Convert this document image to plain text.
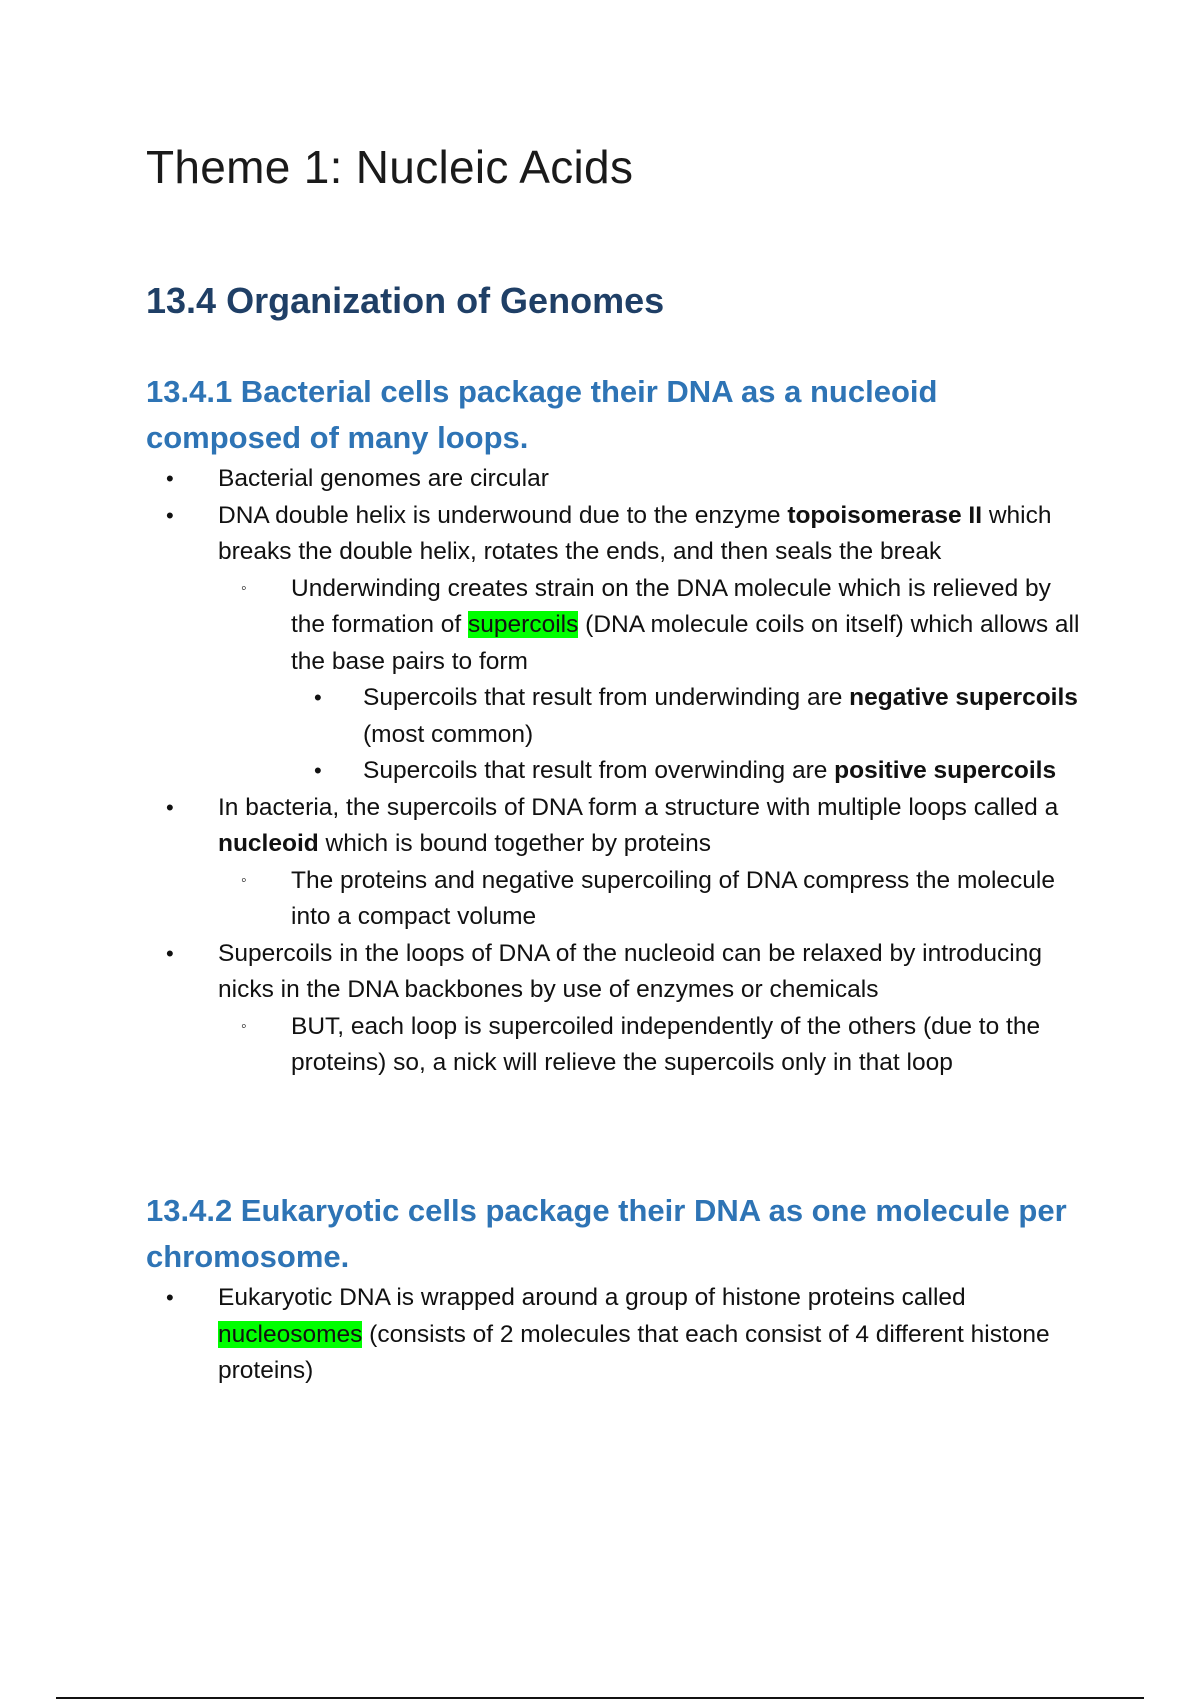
Theme 1: Nucleic Acids
13.4 Organization of Genomes
13.4.1 Bacterial cells package their DNA as a nucleoid composed of many loops.
• Bacterial genomes are circular
• DNA double helix is underwound due to the enzyme topoisomerase II which breaks the double helix, rotates the ends, and then seals the break
◦ Underwinding creates strain on the DNA molecule which is relieved by the formation of supercoils (DNA molecule coils on itself) which allows all the base pairs to form
• Supercoils that result from underwinding are negative supercoils (most common)
• Supercoils that result from overwinding are positive supercoils
• In bacteria, the supercoils of DNA form a structure with multiple loops called a nucleoid which is bound together by proteins
◦ The proteins and negative supercoiling of DNA compress the molecule into a compact volume
• Supercoils in the loops of DNA of the nucleoid can be relaxed by introducing nicks in the DNA backbones by use of enzymes or chemicals
◦ BUT, each loop is supercoiled independently of the others (due to the proteins) so, a nick will relieve the supercoils only in that loop
13.4.2 Eukaryotic cells package their DNA as one molecule per chromosome.
• Eukaryotic DNA is wrapped around a group of histone proteins called nucleosomes (consists of 2 molecules that each consist of 4 different histone proteins)
